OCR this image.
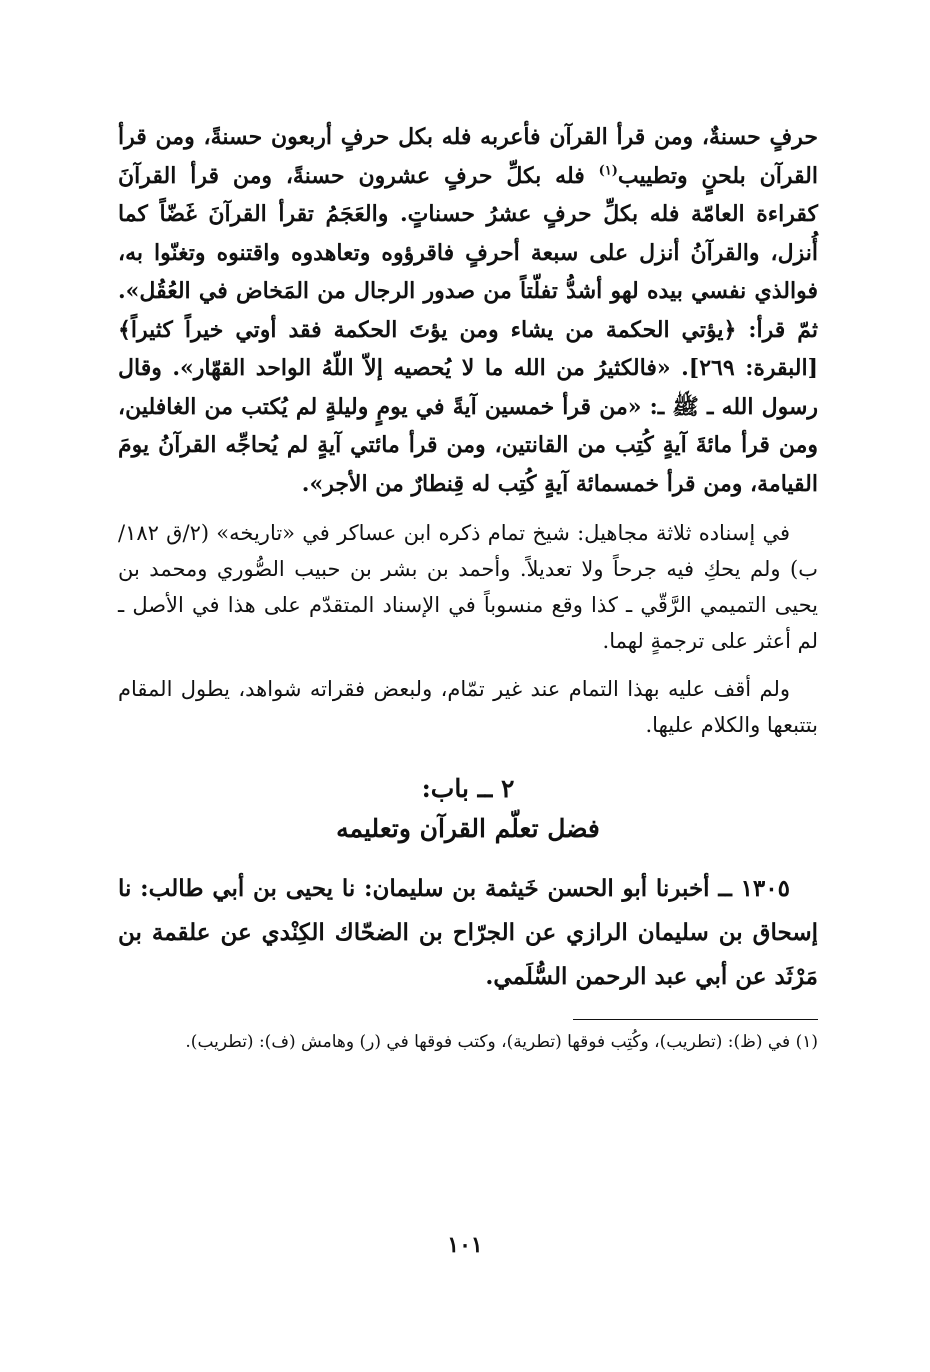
حرفٍ حسنةٌ، ومن قرأ القرآن فأعربه فله بكل حرفٍ أربعون حسنةً، ومن قرأ القرآن بلحنٍ وتطييب$^{(١)}$ فله بكلِّ حرفٍ عشرون حسنةً، ومن قرأ القرآنَ كقراءة العامّة فله بكلِّ حرفٍ عشرُ حسناتٍ. والعَجَمُ تقرأ القرآنَ غَضّاً كما أُنزل، والقرآنُ أنزل على سبعة أحرفٍ فاقرؤوه وتعاهدوه واقتنوه وتغنّوا به، فوالذي نفسي بيده لهو أشدُّ تفلّتاً من صدور الرجال من المَخاض في العُقُل». ثمّ قرأ: ﴿يؤتي الحكمة من يشاء ومن يؤتَ الحكمة فقد أوتي خيراً كثيراً﴾ [البقرة: ٢٦٩]. «فالكثيرُ من الله ما لا يُحصيه إلاّ اللّهُ الواحد القهّار». وقال رسول الله ـ ﷺ ـ: «من قرأ خمسين آيةً في يومٍ وليلةٍ لم يُكتب من الغافلين، ومن قرأ مائةَ آيةٍ كُتِب من القانتين، ومن قرأ مائتي آيةٍ لم يُحاجِّه القرآنُ يومَ القيامة، ومن قرأ خمسمائة آيةٍ كُتِب له قِنطارٌ من الأجر».

في إسناده ثلاثة مجاهيل: شيخ تمام ذكره ابن عساكر في «تاريخه» (٢/ق ١٨٢/ب) ولم يحكِ فيه جرحاً ولا تعديلاً. وأحمد بن بشر بن حبيب الصُّوري ومحمد بن يحيى التميمي الرَّقّي ـ كذا وقع منسوباً في الإسناد المتقدّم على هذا في الأصل ـ لم أعثر على ترجمةٍ لهما.

ولم أقف عليه بهذا التمام عند غير تمّام، ولبعض فقراته شواهد، يطول المقام بتتبعها والكلام عليها.

٢ ــ باب:
فضل تعلّم القرآن وتعليمه

١٣٠٥ ــ أخبرنا أبو الحسن خَيثمة بن سليمان: نا يحيى بن أبي طالب: نا إسحاق بن سليمان الرازي عن الجرّاح بن الضحّاك الكِنْدي عن علقمة بن مَرْثَد عن أبي عبد الرحمن السُّلَمي.

(١) في (ظ): (تطريب)، وكُتِب فوقها (تطرية)، وكتب فوقها في (ر) وهامش (ف): (تطريب).

١٠١
